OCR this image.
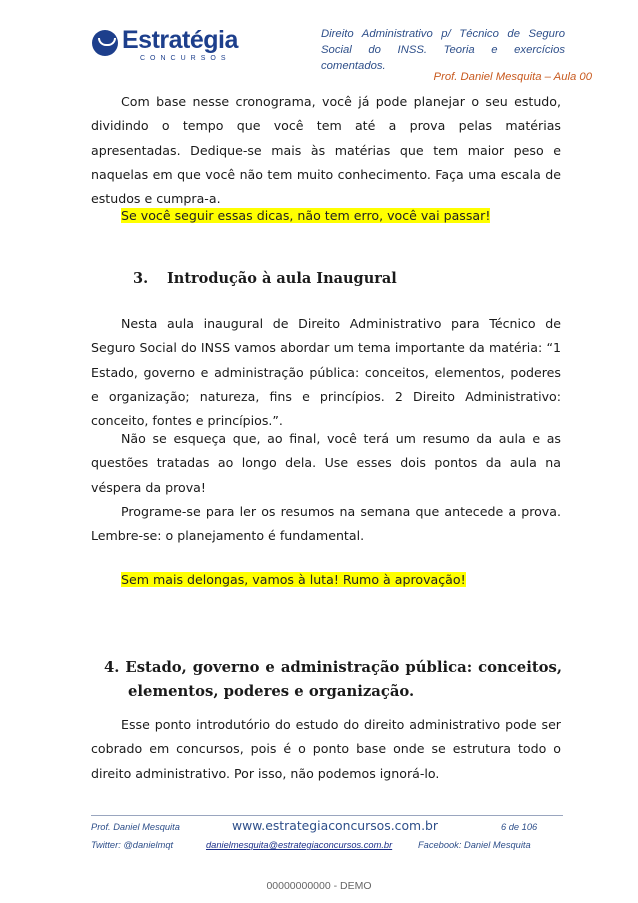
Estratégia
CONCURSOS
Direito Administrativo p/ Técnico de Seguro
Social do INSS. Teoria e exercícios comentados.
Prof. Daniel Mesquita – Aula 00
Com base nesse cronograma, você já pode planejar o seu estudo, dividindo o tempo que você tem até a prova pelas matérias apresentadas. Dedique-se mais às matérias que tem maior peso e naquelas em que você não tem muito conhecimento. Faça uma escala de estudos e cumpra-a.
Se você seguir essas dicas, não tem erro, você vai passar!
3. Introdução à aula Inaugural
Nesta aula inaugural de Direito Administrativo para Técnico de Seguro Social do INSS vamos abordar um tema importante da matéria: “1 Estado, governo e administração pública: conceitos, elementos, poderes e organização; natureza, fins e princípios. 2 Direito Administrativo: conceito, fontes e princípios.”.
Não se esqueça que, ao final, você terá um resumo da aula e as questões tratadas ao longo dela. Use esses dois pontos da aula na véspera da prova!
Programe-se para ler os resumos na semana que antecede a prova. Lembre-se: o planejamento é fundamental.
Sem mais delongas, vamos à luta! Rumo à aprovação!
4. Estado, governo e administração pública: conceitos,
elementos, poderes e organização.
Esse ponto introdutório do estudo do direito administrativo pode ser cobrado em concursos, pois é o ponto base onde se estrutura todo o direito administrativo. Por isso, não podemos ignorá-lo.
Prof. Daniel Mesquita	www.estrategiaconcursos.com.br	6 de 106
Twitter: @danielmqt	danielmesquita@estrategiaconcursos.com.br	Facebook: Daniel Mesquita
00000000000 - DEMO
